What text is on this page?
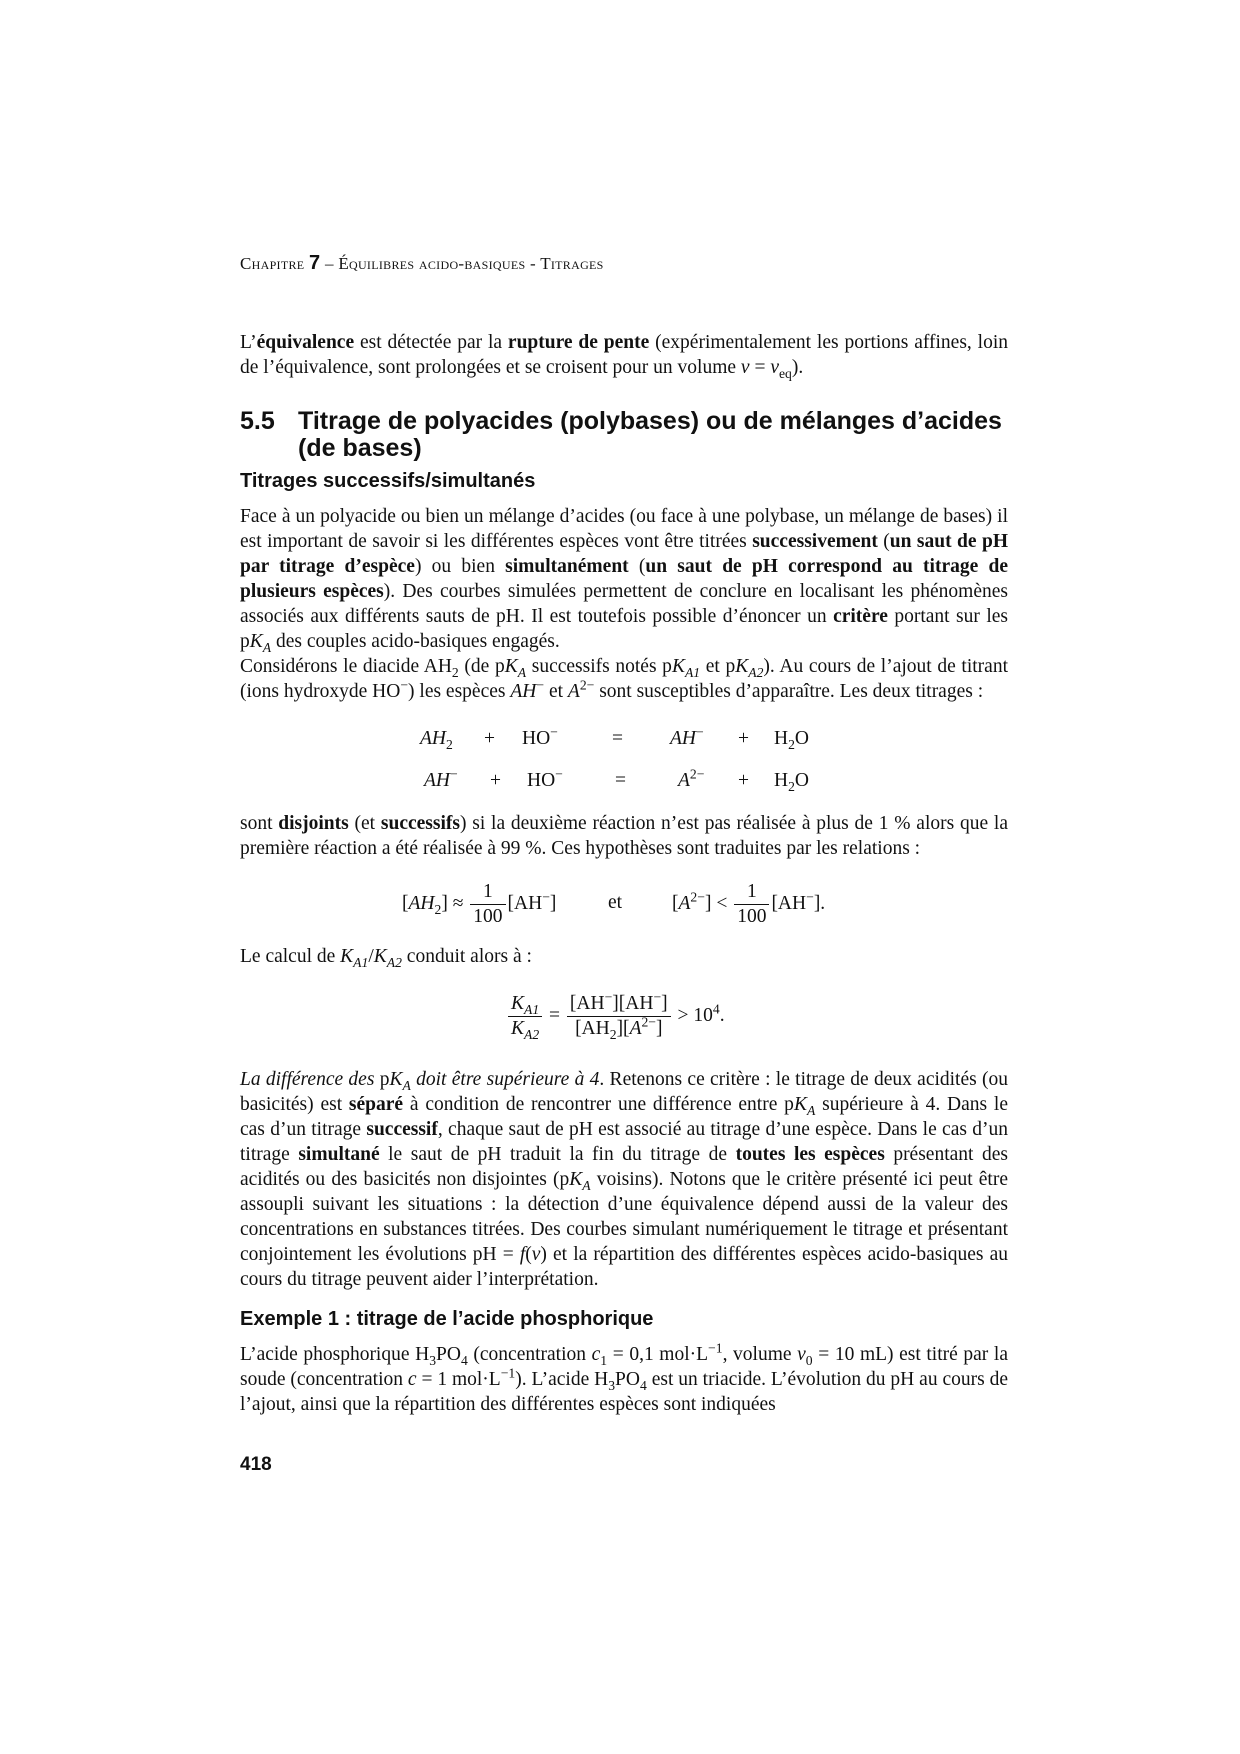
Chapitre 7 – Équilibres acido-basiques - Titrages

L’équivalence est détectée par la rupture de pente (expérimentalement les portions affines, loin de l’équivalence, sont prolongées et se croisent pour un volume $v = v_{eq}$).

5.5 Titrage de polyacides (polybases) ou de mélanges d’acides (de bases)
Titrages successifs/simultanés

Face à un polyacide ou bien un mélange d’acides (ou face à une polybase, un mélange de bases) il est important de savoir si les différentes espèces vont être titrées successivement (un saut de pH par titrage d’espèce) ou bien simultanément (un saut de pH correspond au titrage de plusieurs espèces). Des courbes simulées permettent de conclure en localisant les phénomènes associés aux différents sauts de pH. Il est toutefois possible d’énoncer un critère portant sur les $pK_A$ des couples acido-basiques engagés.

Considérons le diacide $AH_2$ (de $pK_A$ successifs notés $pK_{A1}$ et $pK_{A2}$). Au cours de l’ajout de titrant (ions hydroxyde HO−) les espèces AH− et $A^{2-}$ sont susceptibles d’apparaître. Les deux titrages :

$AH_2 + HO^-$	= $AH^- + H_2O$
AH− + HO−	=	$A^{2-} + H_2O$

sont disjoints (et successifs) si la deuxième réaction n’est pas réalisée à plus de 1 % alors que la première réaction a été réalisée à 99 %. Ces hypothèses sont traduites par les relations :

$[AH_2] \approx \frac{1}{100} [AH^-]$	et	$[A^{2-}] < \frac{1}{100} [AH^-]$.

Le calcul de $K_{A1}/K_{A2}$ conduit alors à :

$\frac{K_{A1}}{K_{A2}} = \frac{[AH^-][AH^-]}{[AH_2][A^{2-}]} > 10^4$.

La différence des $pK_A$ doit être supérieure à 4. Retenons ce critère : le titrage de deux acidités (ou basicités) est séparé à condition de rencontrer une différence entre $pK_A$ supérieure à 4. Dans le cas d’un titrage successif, chaque saut de pH est associé au titrage d’une espèce. Dans le cas d’un titrage simultané le saut de pH traduit la fin du titrage de toutes les espèces présentant des acidités ou des basicités non disjointes ($pK_A$ voisins). Notons que le critère présenté ici peut être assoupli suivant les situations : la détection d’une équivalence dépend aussi de la valeur des concentrations en substances titrées. Des courbes simulant numériquement le titrage et présentant conjointement les évolutions pH = f(v) et la répartition des différentes espèces acido-basiques au cours du titrage peuvent aider l’interprétation.

Exemple 1 : titrage de l’acide phosphorique

L’acide phosphorique $H_3PO_4$ (concentration $c_1 = 0,1$ $mol\cdot L^{-1}$, volume $v_0 = 10$ mL) est titré par la soude (concentration c = 1 $mol\cdot L^{-1}$). L’acide $H_3PO_4$ est un triacide. L’évolution du pH au cours de l’ajout, ainsi que la répartition des différentes espèces sont indiquées

418
